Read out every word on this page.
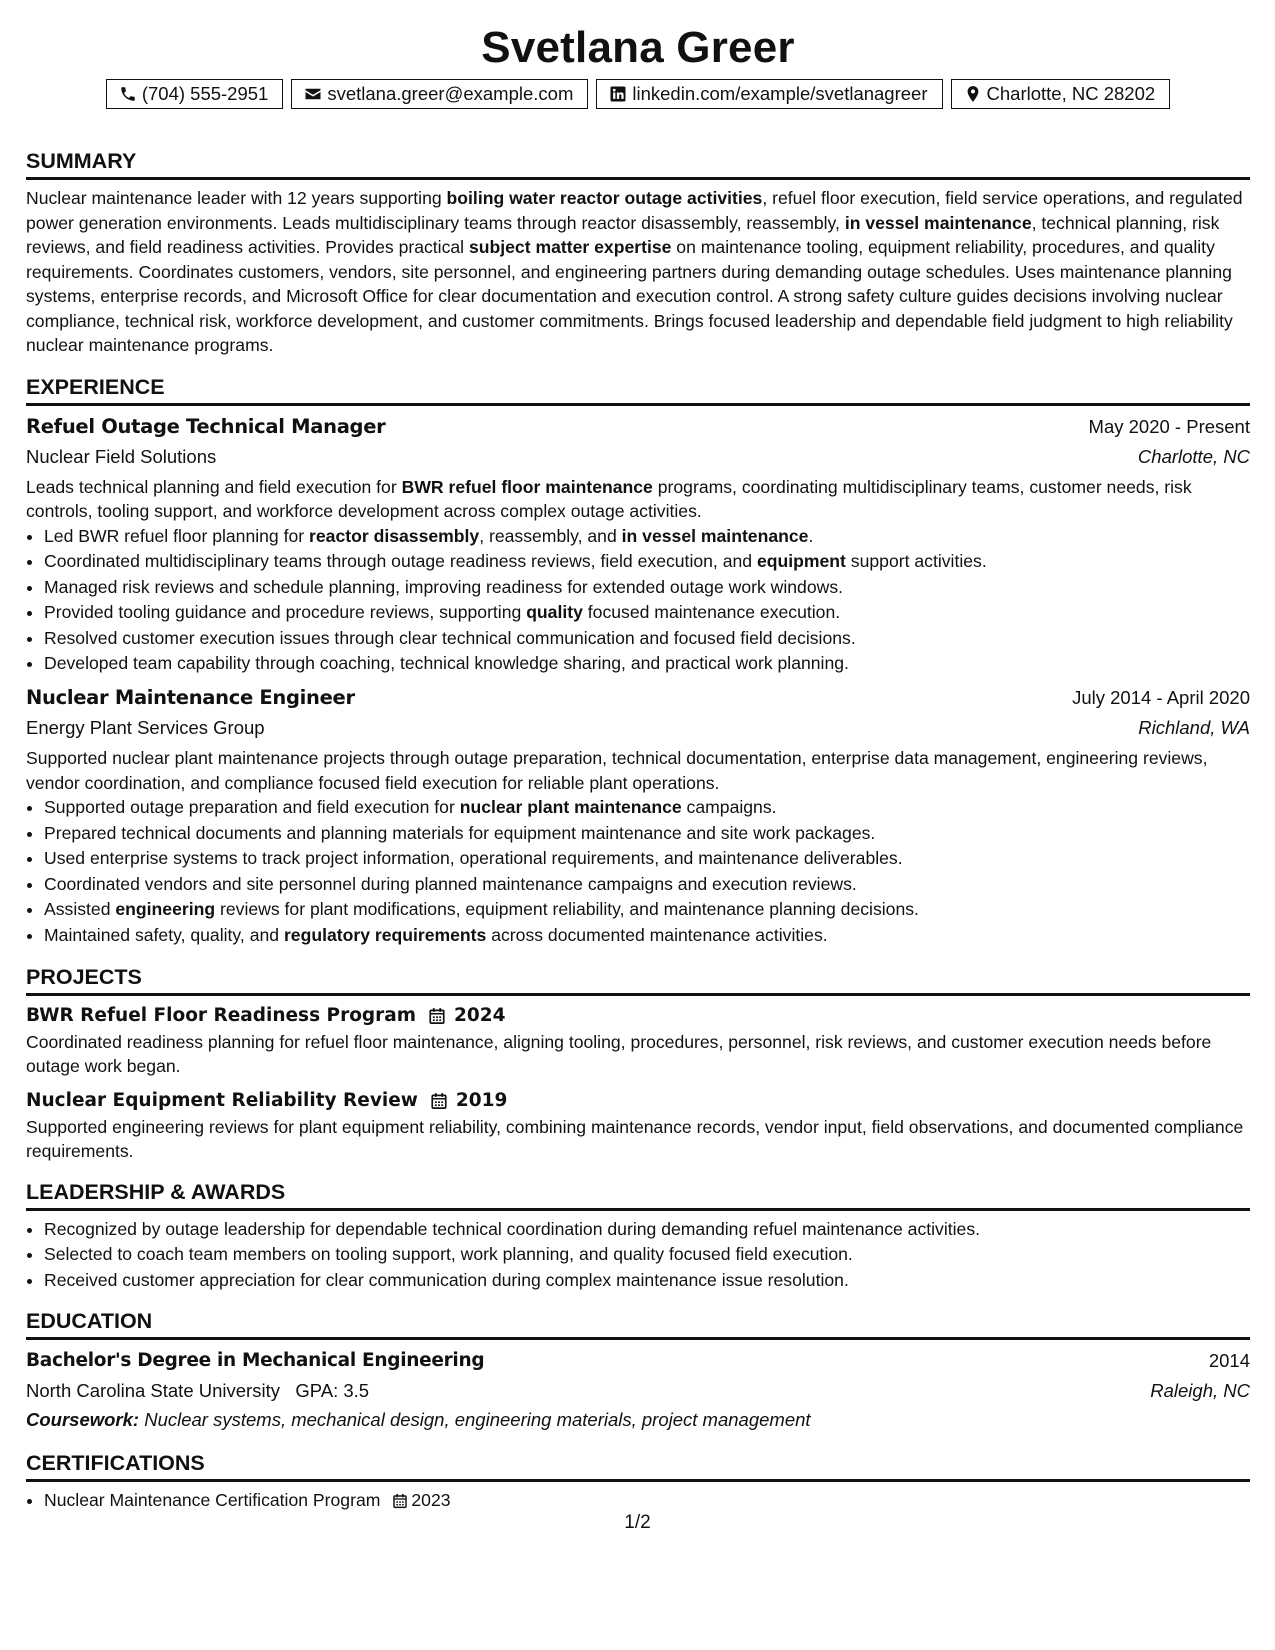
Svetlana Greer
(704) 555-2951	svetlana.greer@example.com	linkedin.com/example/svetlanagreer	Charlotte, NC 28202
SUMMARY

Nuclear maintenance leader with 12 years supporting boiling water reactor outage activities, refuel floor execution, field service operations, and regulated power generation environments. Leads multidisciplinary teams through reactor disassembly, reassembly, in vessel maintenance, technical planning, risk reviews, and field readiness activities. Provides practical subject matter expertise on maintenance tooling, equipment reliability, procedures, and quality requirements. Coordinates customers, vendors, site personnel, and engineering partners during demanding outage schedules. Uses maintenance planning systems, enterprise records, and Microsoft Office for clear documentation and execution control. A strong safety culture guides decisions involving nuclear compliance, technical risk, workforce development, and customer commitments. Brings focused leadership and dependable field judgment to high reliability nuclear maintenance programs.

EXPERIENCE
Refuel Outage Technical Manager	May 2020 - Present
Nuclear Field Solutions	Charlotte, NC

Leads technical planning and field execution for BWR refuel floor maintenance programs, coordinating multidisciplinary teams, customer needs, risk controls, tooling support, and workforce development across complex outage activities.

• Led BWR refuel floor planning for reactor disassembly, reassembly, and in vessel maintenance.
• Coordinated multidisciplinary teams through outage readiness reviews, field execution, and equipment support activities.
• Managed risk reviews and schedule planning, improving readiness for extended outage work windows.
• Provided tooling guidance and procedure reviews, supporting quality focused maintenance execution.
• Resolved customer execution issues through clear technical communication and focused field decisions.
• Developed team capability through coaching, technical knowledge sharing, and practical work planning.
Nuclear Maintenance Engineer	July 2014 - April 2020
Energy Plant Services Group	Richland, WA

Supported nuclear plant maintenance projects through outage preparation, technical documentation, enterprise data management, engineering reviews, vendor coordination, and compliance focused field execution for reliable plant operations.

• Supported outage preparation and field execution for nuclear plant maintenance campaigns.
• Prepared technical documents and planning materials for equipment maintenance and site work packages.
• Used enterprise systems to track project information, operational requirements, and maintenance deliverables.
• Coordinated vendors and site personnel during planned maintenance campaigns and execution reviews.
• Assisted engineering reviews for plant modifications, equipment reliability, and maintenance planning decisions.
• Maintained safety, quality, and regulatory requirements across documented maintenance activities.
PROJECTS
BWR Refuel Floor Readiness Program 2024

Coordinated readiness planning for refuel floor maintenance, aligning tooling, procedures, personnel, risk reviews, and customer execution needs before outage work began.

Nuclear Equipment Reliability Review 2019

Supported engineering reviews for plant equipment reliability, combining maintenance records, vendor input, field observations, and documented compliance requirements.

LEADERSHIP & AWARDS
• Recognized by outage leadership for dependable technical coordination during demanding refuel maintenance activities.
• Selected to coach team members on tooling support, work planning, and quality focused field execution.
• Received customer appreciation for clear communication during complex maintenance issue resolution.
EDUCATION
Bachelor's Degree in Mechanical Engineering	2014
North Carolina State University GPA: 3.5	Raleigh, NC
Coursework: Nuclear systems, mechanical design, engineering materials, project management
CERTIFICATIONS
• Nuclear Maintenance Certification Program 2023
1/2
